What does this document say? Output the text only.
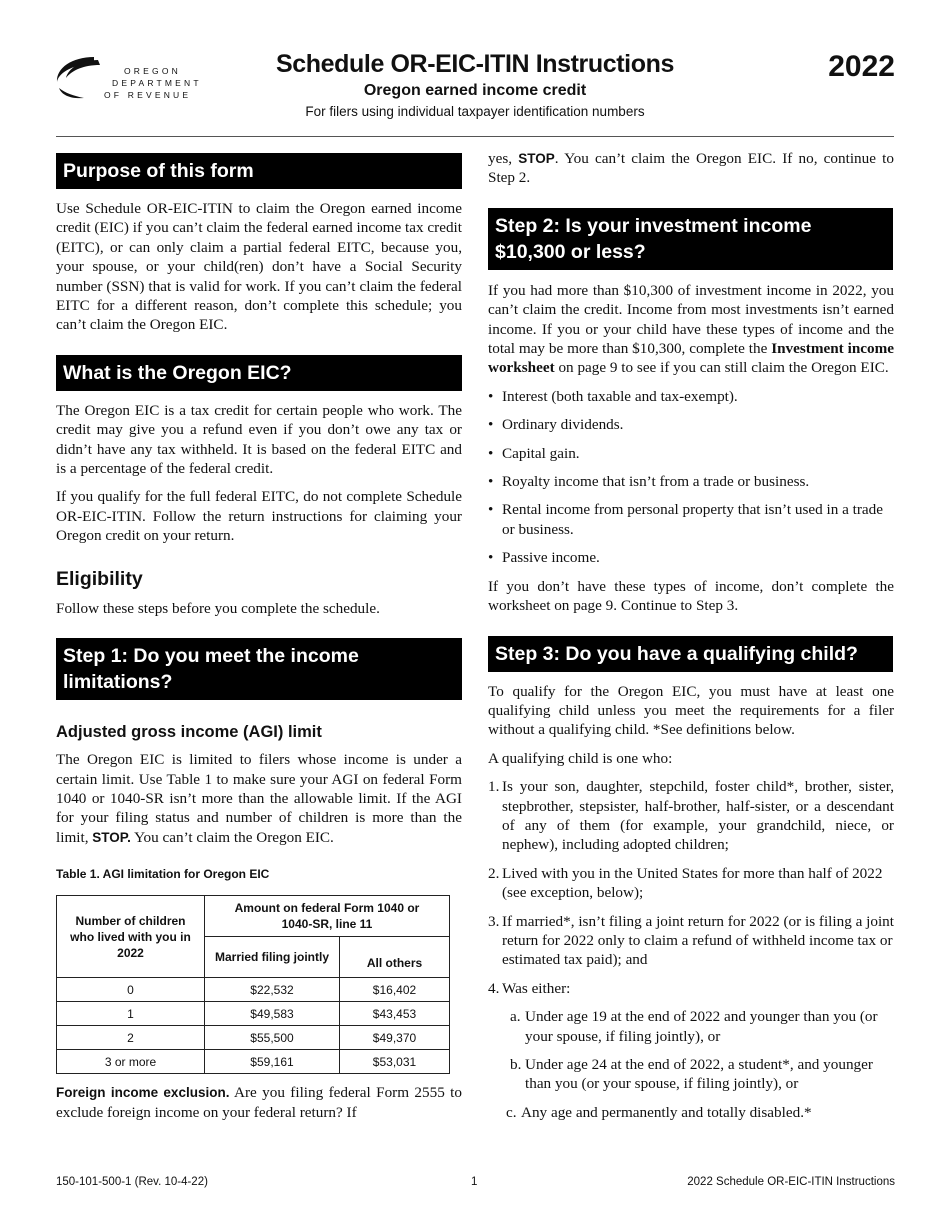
OREGON
DEPARTMENT
OF REVENUE
Schedule OR-EIC-ITIN Instructions
Oregon earned income credit
For filers using individual taxpayer identification numbers
2022
Purpose of this form

Use Schedule OR-EIC-ITIN to claim the Oregon earned income credit (EIC) if you can’t claim the federal earned income tax credit (EITC), or can only claim a partial federal EITC, because you, your spouse, or your child(ren) don’t have a Social Security number (SSN) that is valid for work. If you can’t claim the federal EITC for a different reason, don’t complete this schedule; you can’t claim the Oregon EIC.

What is the Oregon EIC?

The Oregon EIC is a tax credit for certain people who work. The credit may give you a refund even if you don’t owe any tax or didn’t have any tax withheld. It is based on the federal EITC and is a percentage of the federal credit.

If you qualify for the full federal EITC, do not complete Schedule OR-EIC-ITIN. Follow the return instructions for claiming your Oregon credit on your return.

Eligibility

Follow these steps before you complete the schedule.

Step 1: Do you meet the income limitations?
Adjusted gross income (AGI) limit

The Oregon EIC is limited to filers whose income is under a certain limit. Use Table 1 to make sure your AGI on federal Form 1040 or 1040-SR isn’t more than the allowable limit. If the AGI for your filing status and number of children is more than the limit, STOP. You can’t claim the Oregon EIC.

Table 1. AGI limitation for Oregon EIC
Number of children who lived with you in 2022	Amount on federal Form 1040 or 1040-SR, line 11	
	Married filing jointly	All others
0	$22,532	$16,402
1	$49,583	$43,453
2	$55,500	$49,370
3 or more	$59,161	$53,031

Foreign income exclusion. Are you filing federal Form 2555 to exclude foreign income on your federal return? If

yes, STOP. You can’t claim the Oregon EIC. If no, continue to Step 2.

Step 2: Is your investment income $10,300 or less?

If you had more than $10,300 of investment income in 2022, you can’t claim the credit. Income from most investments isn’t earned income. If you or your child have these types of income and the total may be more than $10,300, complete the Investment income worksheet on page 9 to see if you can still claim the Oregon EIC.

• Interest (both taxable and tax-exempt).
• Ordinary dividends.
• Capital gain.
• Royalty income that isn’t from a trade or business.
• Rental income from personal property that isn’t used in a trade or business.
• Passive income.

If you don’t have these types of income, don’t complete the worksheet on page 9. Continue to Step 3.

Step 3: Do you have a qualifying child?

To qualify for the Oregon EIC, you must have at least one qualifying child unless you meet the requirements for a filer without a qualifying child. *See definitions below.

A qualifying child is one who:

1. Is your son, daughter, stepchild, foster child*, brother, sister, stepbrother, stepsister, half-brother, half-sister, or a descendant of any of them (for example, your grandchild, niece, or nephew), including adopted children;
2. Lived with you in the United States for more than half of 2022 (see exception, below);
3. If married*, isn’t filing a joint return for 2022 (or is filing a joint return for 2022 only to claim a refund of withheld income tax or estimated tax paid); and
4. Was either:
a. Under age 19 at the end of 2022 and younger than you (or your spouse, if filing jointly), or
b. Under age 24 at the end of 2022, a student*, and younger than you (or your spouse, if filing jointly), or
c. Any age and permanently and totally disabled.*
150-101-500-1 (Rev. 10-4-22)	1	2022 Schedule OR-EIC-ITIN Instructions
